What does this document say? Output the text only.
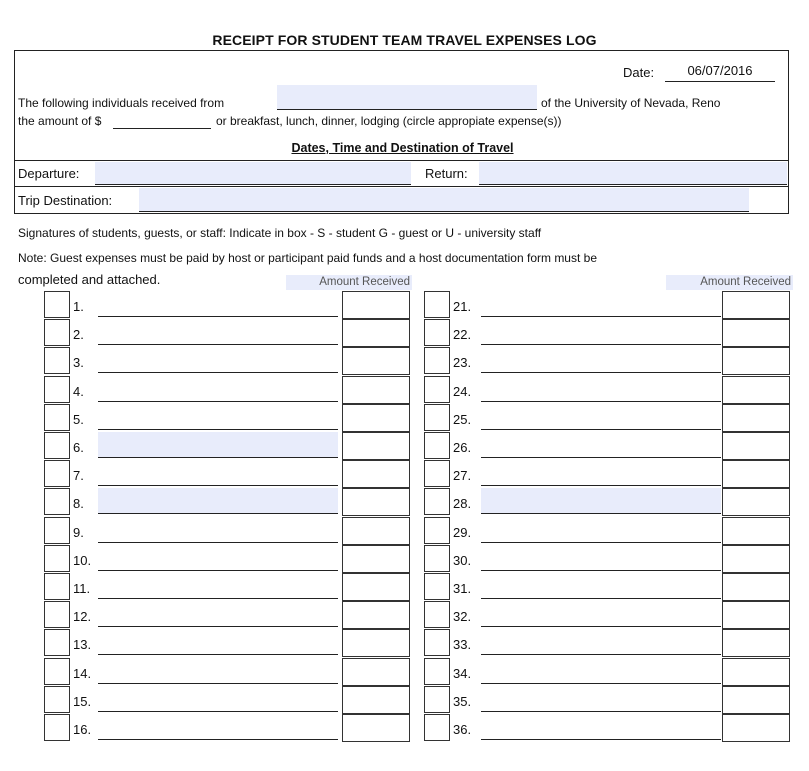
RECEIPT FOR STUDENT TEAM TRAVEL EXPENSES LOG
Date:	06/07/2016
The following individuals received from	of the University of Nevada, Reno
the amount of $	or breakfast, lunch, dinner, lodging (circle appropiate expense(s))
Dates, Time and Destination of Travel
Departure:	Return:
Trip Destination:
Signatures of students, guests, or staff: Indicate in box - S - student G - guest or U - university staff
Note: Guest expenses must be paid by host or participant paid funds and a host documentation form must be
completed and attached.	Amount Received	Amount Received
1.
2.
3.
4.
5.
6.
7.
8.
9.
10.
11.
12.
13.
14.
15.
16.
21.
22.
23.
24.
25.
26.
27.
28.
29.
30.
31.
32.
33.
34.
35.
36.
